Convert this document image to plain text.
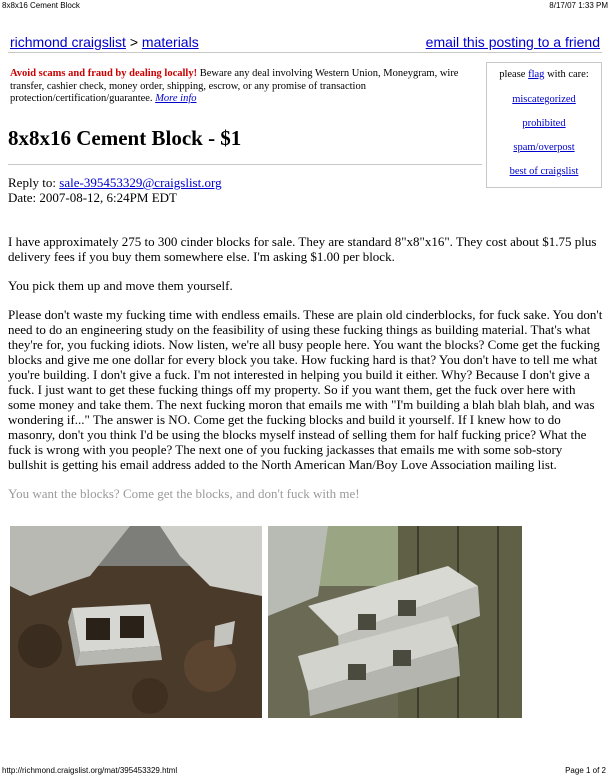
8x8x16 Cement Block	8/17/07 1:33 PM
richmond craigslist > materials	email this posting to a friend
Avoid scams and fraud by dealing locally! Beware any deal involving Western Union, Moneygram, wire transfer, cashier check, money order, shipping, escrow, or any promise of transaction protection/certification/guarantee. More info
please flag with care:
miscategorized
prohibited
spam/overpost
best of craigslist
8x8x16 Cement Block - $1
Reply to: sale-395453329@craigslist.org
Date: 2007-08-12, 6:24PM EDT

I have approximately 275 to 300 cinder blocks for sale. They are standard 8"x8"x16". They cost about $1.75 plus delivery fees if you buy them somewhere else. I'm asking $1.00 per block.

You pick them up and move them yourself.

Please don't waste my fucking time with endless emails. These are plain old cinderblocks, for fuck sake. You don't need to do an engineering study on the feasibility of using these fucking things as building material. That's what they're for, you fucking idiots. Now listen, we're all busy people here. You want the blocks? Come get the fucking blocks and give me one dollar for every block you take. How fucking hard is that? You don't have to tell me what you're building. I don't give a fuck. I'm not interested in helping you build it either. Why? Because I don't give a fuck. I just want to get these fucking things off my property. So if you want them, get the fuck over here with some money and take them. The next fucking moron that emails me with "I'm building a blah blah blah, and was wondering if..." The answer is NO. Come get the fucking blocks and build it yourself. If I knew how to do masonry, don't you think I'd be using the blocks myself instead of selling them for half fucking price? What the fuck is wrong with you people? The next one of you fucking jackasses that emails me with some sob-story bullshit is getting his email address added to the North American Man/Boy Love Association mailing list.

You want the blocks? Come get the blocks, and don't fuck with me!

http://richmond.craigslist.org/mat/395453329.html	Page 1 of 2
